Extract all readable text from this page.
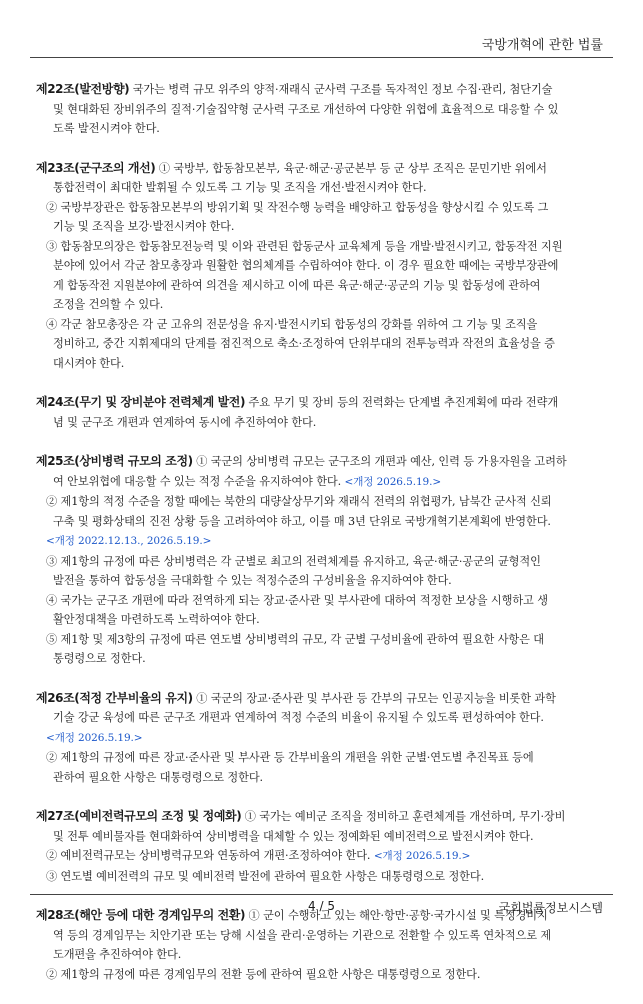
국방개혁에 관한 법률
제22조(발전방향) 국가는 병력 규모 위주의 양적·재래식 군사력 구조를 독자적인 정보 수집·관리, 첨단기술
및 현대화된 장비위주의 질적·기술집약형 군사력 구조로 개선하여 다양한 위협에 효율적으로 대응할 수 있
도록 발전시켜야 한다.
제23조(군구조의 개선) ① 국방부, 합동참모본부, 육군·해군·공군본부 등 군 상부 조직은 문민기반 위에서
통합전력이 최대한 발휘될 수 있도록 그 기능 및 조직을 개선·발전시켜야 한다.
② 국방부장관은 합동참모본부의 방위기획 및 작전수행 능력을 배양하고 합동성을 향상시킬 수 있도록 그
기능 및 조직을 보강·발전시켜야 한다.
③ 합동참모의장은 합동참모전능력 및 이와 관련된 합동군사 교육체계 등을 개발·발전시키고, 합동작전 지원
분야에 있어서 각군 참모총장과 원활한 협의체계를 수립하여야 한다. 이 경우 필요한 때에는 국방부장관에
게 합동작전 지원분야에 관하여 의견을 제시하고 이에 따른 육군·해군·공군의 기능 및 합동성에 관하여
조정을 건의할 수 있다.
④ 각군 참모총장은 각 군 고유의 전문성을 유지·발전시키되 합동성의 강화를 위하여 그 기능 및 조직을
정비하고, 중간 지휘제대의 단계를 점진적으로 축소·조정하여 단위부대의 전투능력과 작전의 효율성을 증
대시켜야 한다.
제24조(무기 및 장비분야 전력체계 발전) 주요 무기 및 장비 등의 전력화는 단계별 추진계획에 따라 전략개
념 및 군구조 개편과 연계하여 동시에 추진하여야 한다.
제25조(상비병력 규모의 조정) ① 국군의 상비병력 규모는 군구조의 개편과 예산, 인력 등 가용자원을 고려하
여 안보위협에 대응할 수 있는 적정 수준을 유지하여야 한다. <개정 2026.5.19.>
② 제1항의 적정 수준을 정할 때에는 북한의 대량살상무기와 재래식 전력의 위협평가, 남북간 군사적 신뢰
구축 및 평화상태의 진전 상황 등을 고려하여야 하고, 이를 매 3년 단위로 국방개혁기본계획에 반영한다.
<개정 2022.12.13., 2026.5.19.>
③ 제1항의 규정에 따른 상비병력은 각 군별로 최고의 전력체계를 유지하고, 육군·해군·공군의 균형적인
발전을 통하여 합동성을 극대화할 수 있는 적정수준의 구성비율을 유지하여야 한다.
④ 국가는 군구조 개편에 따라 전역하게 되는 장교·준사관 및 부사관에 대하여 적정한 보상을 시행하고 생
활안정대책을 마련하도록 노력하여야 한다.
⑤ 제1항 및 제3항의 규정에 따른 연도별 상비병력의 규모, 각 군별 구성비율에 관하여 필요한 사항은 대
통령령으로 정한다.
제26조(적정 간부비율의 유지) ① 국군의 장교·준사관 및 부사관 등 간부의 규모는 인공지능을 비롯한 과학
기술 강군 육성에 따른 군구조 개편과 연계하여 적정 수준의 비율이 유지될 수 있도록 편성하여야 한다.
<개정 2026.5.19.>
② 제1항의 규정에 따른 장교·준사관 및 부사관 등 간부비율의 개편을 위한 군별·연도별 추진목표 등에
관하여 필요한 사항은 대통령령으로 정한다.
제27조(예비전력규모의 조정 및 정예화) ① 국가는 예비군 조직을 정비하고 훈련체계를 개선하며, 무기·장비
및 전투 예비물자를 현대화하여 상비병력을 대체할 수 있는 정예화된 예비전력으로 발전시켜야 한다.
② 예비전력규모는 상비병력규모와 연동하여 개편·조정하여야 한다. <개정 2026.5.19.>
③ 연도별 예비전력의 규모 및 예비전력 발전에 관하여 필요한 사항은 대통령령으로 정한다.
제28조(해안 등에 대한 경계임무의 전환) ① 군이 수행하고 있는 해안·항만·공항·국가시설 및 특정경비지
역 등의 경계임무는 치안기관 또는 당해 시설을 관리·운영하는 기관으로 전환할 수 있도록 연차적으로 제
도개편을 추진하여야 한다.
② 제1항의 규정에 따른 경계임무의 전환 등에 관하여 필요한 사항은 대통령령으로 정한다.
4 / 5	국회법률정보시스템
